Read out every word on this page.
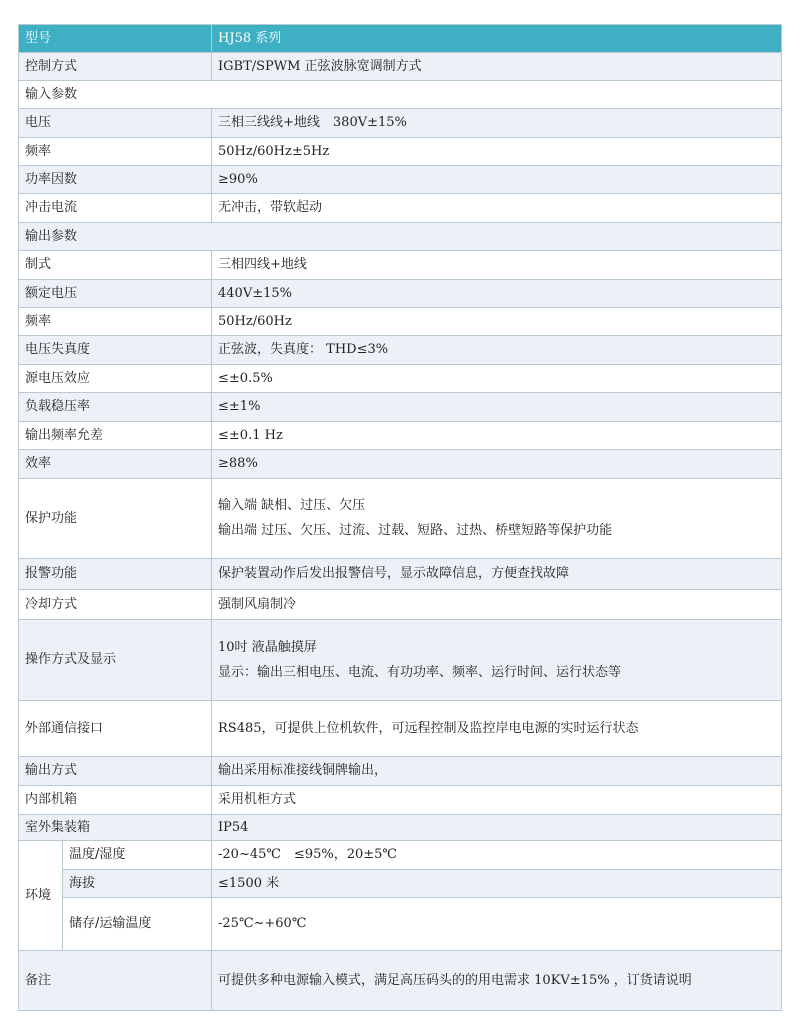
型号		HJ58 系列
控制方式		IGBT/SPWM 正弦波脉宽调制方式
输入参数		
电压		三相三线线+地线　380V±15%
频率		50Hz/60Hz±5Hz
功率因数		≥90%
冲击电流		无冲击，带软起动
输出参数		
制式		三相四线+地线
额定电压		440V±15%
频率		50Hz/60Hz
电压失真度		正弦波，失真度： THD≤3%
源电压效应		≤±0.5%
负载稳压率		≤±1%
输出频率允差		≤±0.1 Hz
效率		≥88%
保护功能		输入端 缺相、过压、欠压
输出端 过压、欠压、过流、过载、短路、过热、桥壁短路等保护功能

报警功能		保护装置动作后发出报警信号，显示故障信息，方便查找故障
冷却方式		强制风扇制冷
操作方式及显示		10吋 液晶触摸屏
显示：输出三相电压、电流、有功功率、频率、运行时间、运行状态等

外部通信接口		RS485，可提供上位机软件，可远程控制及监控岸电电源的实时运行状态
输出方式		输出采用标准接线铜牌输出，
内部机箱		采用机柜方式
室外集装箱		IP54
环境	温度/湿度	-20~45℃　≤95%，20±5℃
	海拔	≤1500 米
	储存/运输温度	-25℃~+60℃
备注		可提供多种电源输入模式，满足高压码头的的用电需求 10KV±15% ，订货请说明
